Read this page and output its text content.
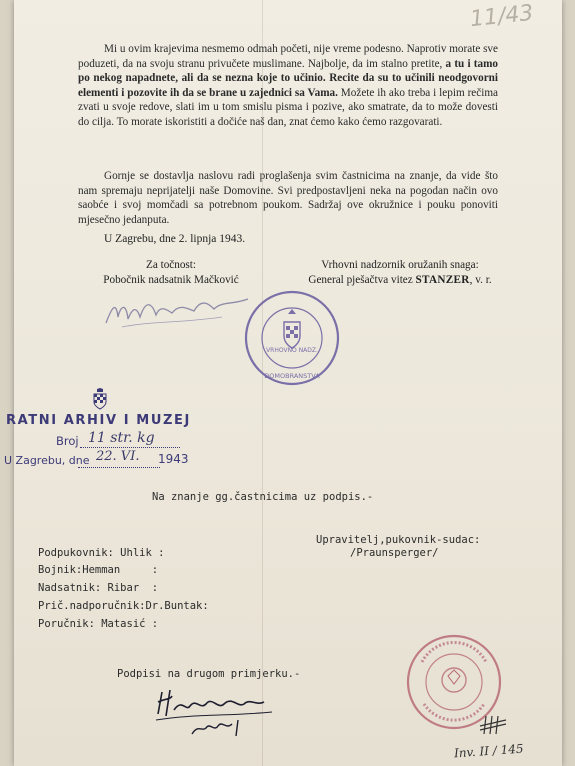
11/43

Mi u ovim krajevima nesmemo odmah početi, nije vreme podesno. Naprotiv morate sve poduzeti, da na svoju stranu privučete muslimane. Najbolje, da im stalno pretite, a tu i tamo po nekog napadnete, ali da se nezna koje to učinio. Recite da su to učinili neodgovorni elementi i pozovite ih da se brane u zajednici sa Vama. Možete ih ako treba i lepim rečima zvati u svoje redove, slati im u tom smislu pisma i pozive, ako smatrate, da to može dovesti do cilja. To morate iskoristiti a dočiće naš dan, znat ćemo kako ćemo razgovarati.

Gornje se dostavlja naslovu radi proglašenja svim častnicima na znanje, da vide što nam spremaju neprijatelji naše Domovine. Svi predpostavljeni neka na pogodan način ovo saobće i svoj momčadi sa potrebnom poukom. Sadržaj ove okružnice i pouku ponoviti mjesečno jedanputa.

U Zagrebu, dne 2. lipnja 1943.
Za točnost:
Pobočnik nadsatnik Mačković
Vrhovni nadzornik oružanih snaga:
General pješačtva vitez STANZER, v. r.
VRHOVNO NADZ.
DOMOBRANSTVA
RATNI ARHIV I MUZEJ
Broj 11 str. kg
U Zagrebu, dne 22. VI. 1943
Na znanje gg.častnicima uz podpis.-
Upravitelj,pukovnik-sudac:
/Praunsperger/
Podpukovnik: Uhlik :
Bojnik:Hemman     :
Nadsatnik: Ribar  :
Prič.nadporučnik:Dr.Buntak:
Poručnik: Matasić :
Podpisi na drugom primjerku.-
Inv. II / 145
